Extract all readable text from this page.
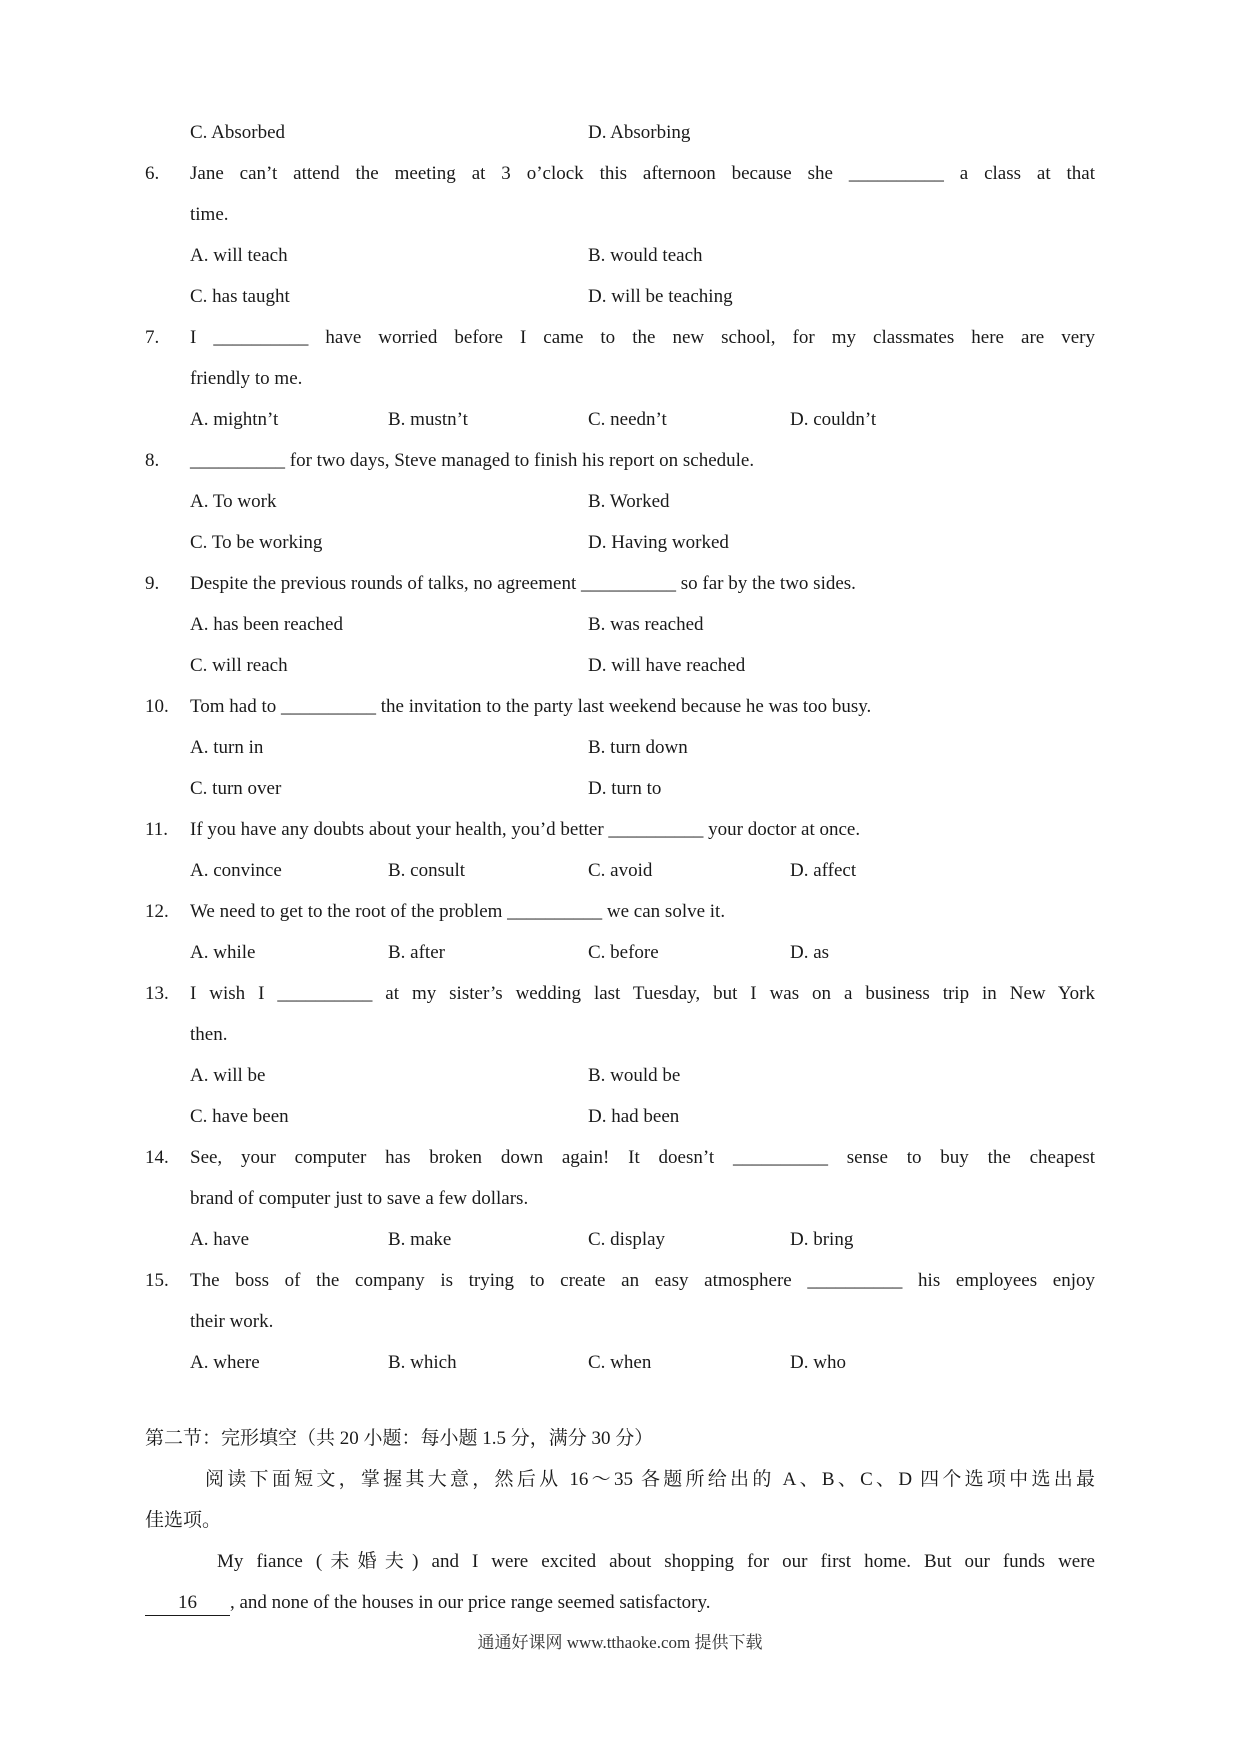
C. Absorbed	D. Absorbing
6.	Jane can’t attend the meeting at 3 o’clock this afternoon because she __________ a class at that
time.
A. will teach	B. would teach
C. has taught	D. will be teaching
7.	I __________ have worried before I came to the new school, for my classmates here are very
friendly to me.
A. mightn’t	B. mustn’t	C. needn’t	D. couldn’t
8.	__________ for two days, Steve managed to finish his report on schedule.
A. To work	B. Worked
C. To be working	D. Having worked
9.	Despite the previous rounds of talks, no agreement __________ so far by the two sides.
A. has been reached	B. was reached
C. will reach	D. will have reached
10.	Tom had to __________ the invitation to the party last weekend because he was too busy.
A. turn in	B. turn down
C. turn over	D. turn to
11.	If you have any doubts about your health, you’d better __________ your doctor at once.
A. convince	B. consult	C. avoid	D. affect
12.	We need to get to the root of the problem __________ we can solve it.
A. while	B. after	C. before	D. as
13.	I wish I __________ at my sister’s wedding last Tuesday, but I was on a business trip in New York
then.
A. will be	B. would be
C. have been	D. had been
14.	See, your computer has broken down again! It doesn’t __________ sense to buy the cheapest
brand of computer just to save a few dollars.
A. have	B. make	C. display	D. bring
15.	The boss of the company is trying to create an easy atmosphere __________ his employees enjoy
their work.
A. where	B. which	C. when	D. who
第二节：完形填空（共 20 小题：每小题 1.5 分，满分 30 分）
阅读下面短文，掌握其大意，然后从 16～35 各题所给出的 A、B、C、D 四个选项中选出最
佳选项。
My fiance (未婚夫) and I were excited about shopping for our first home. But our funds were
16 , and none of the houses in our price range seemed satisfactory.
通通好课网 www.tthaoke.com 提供下载
